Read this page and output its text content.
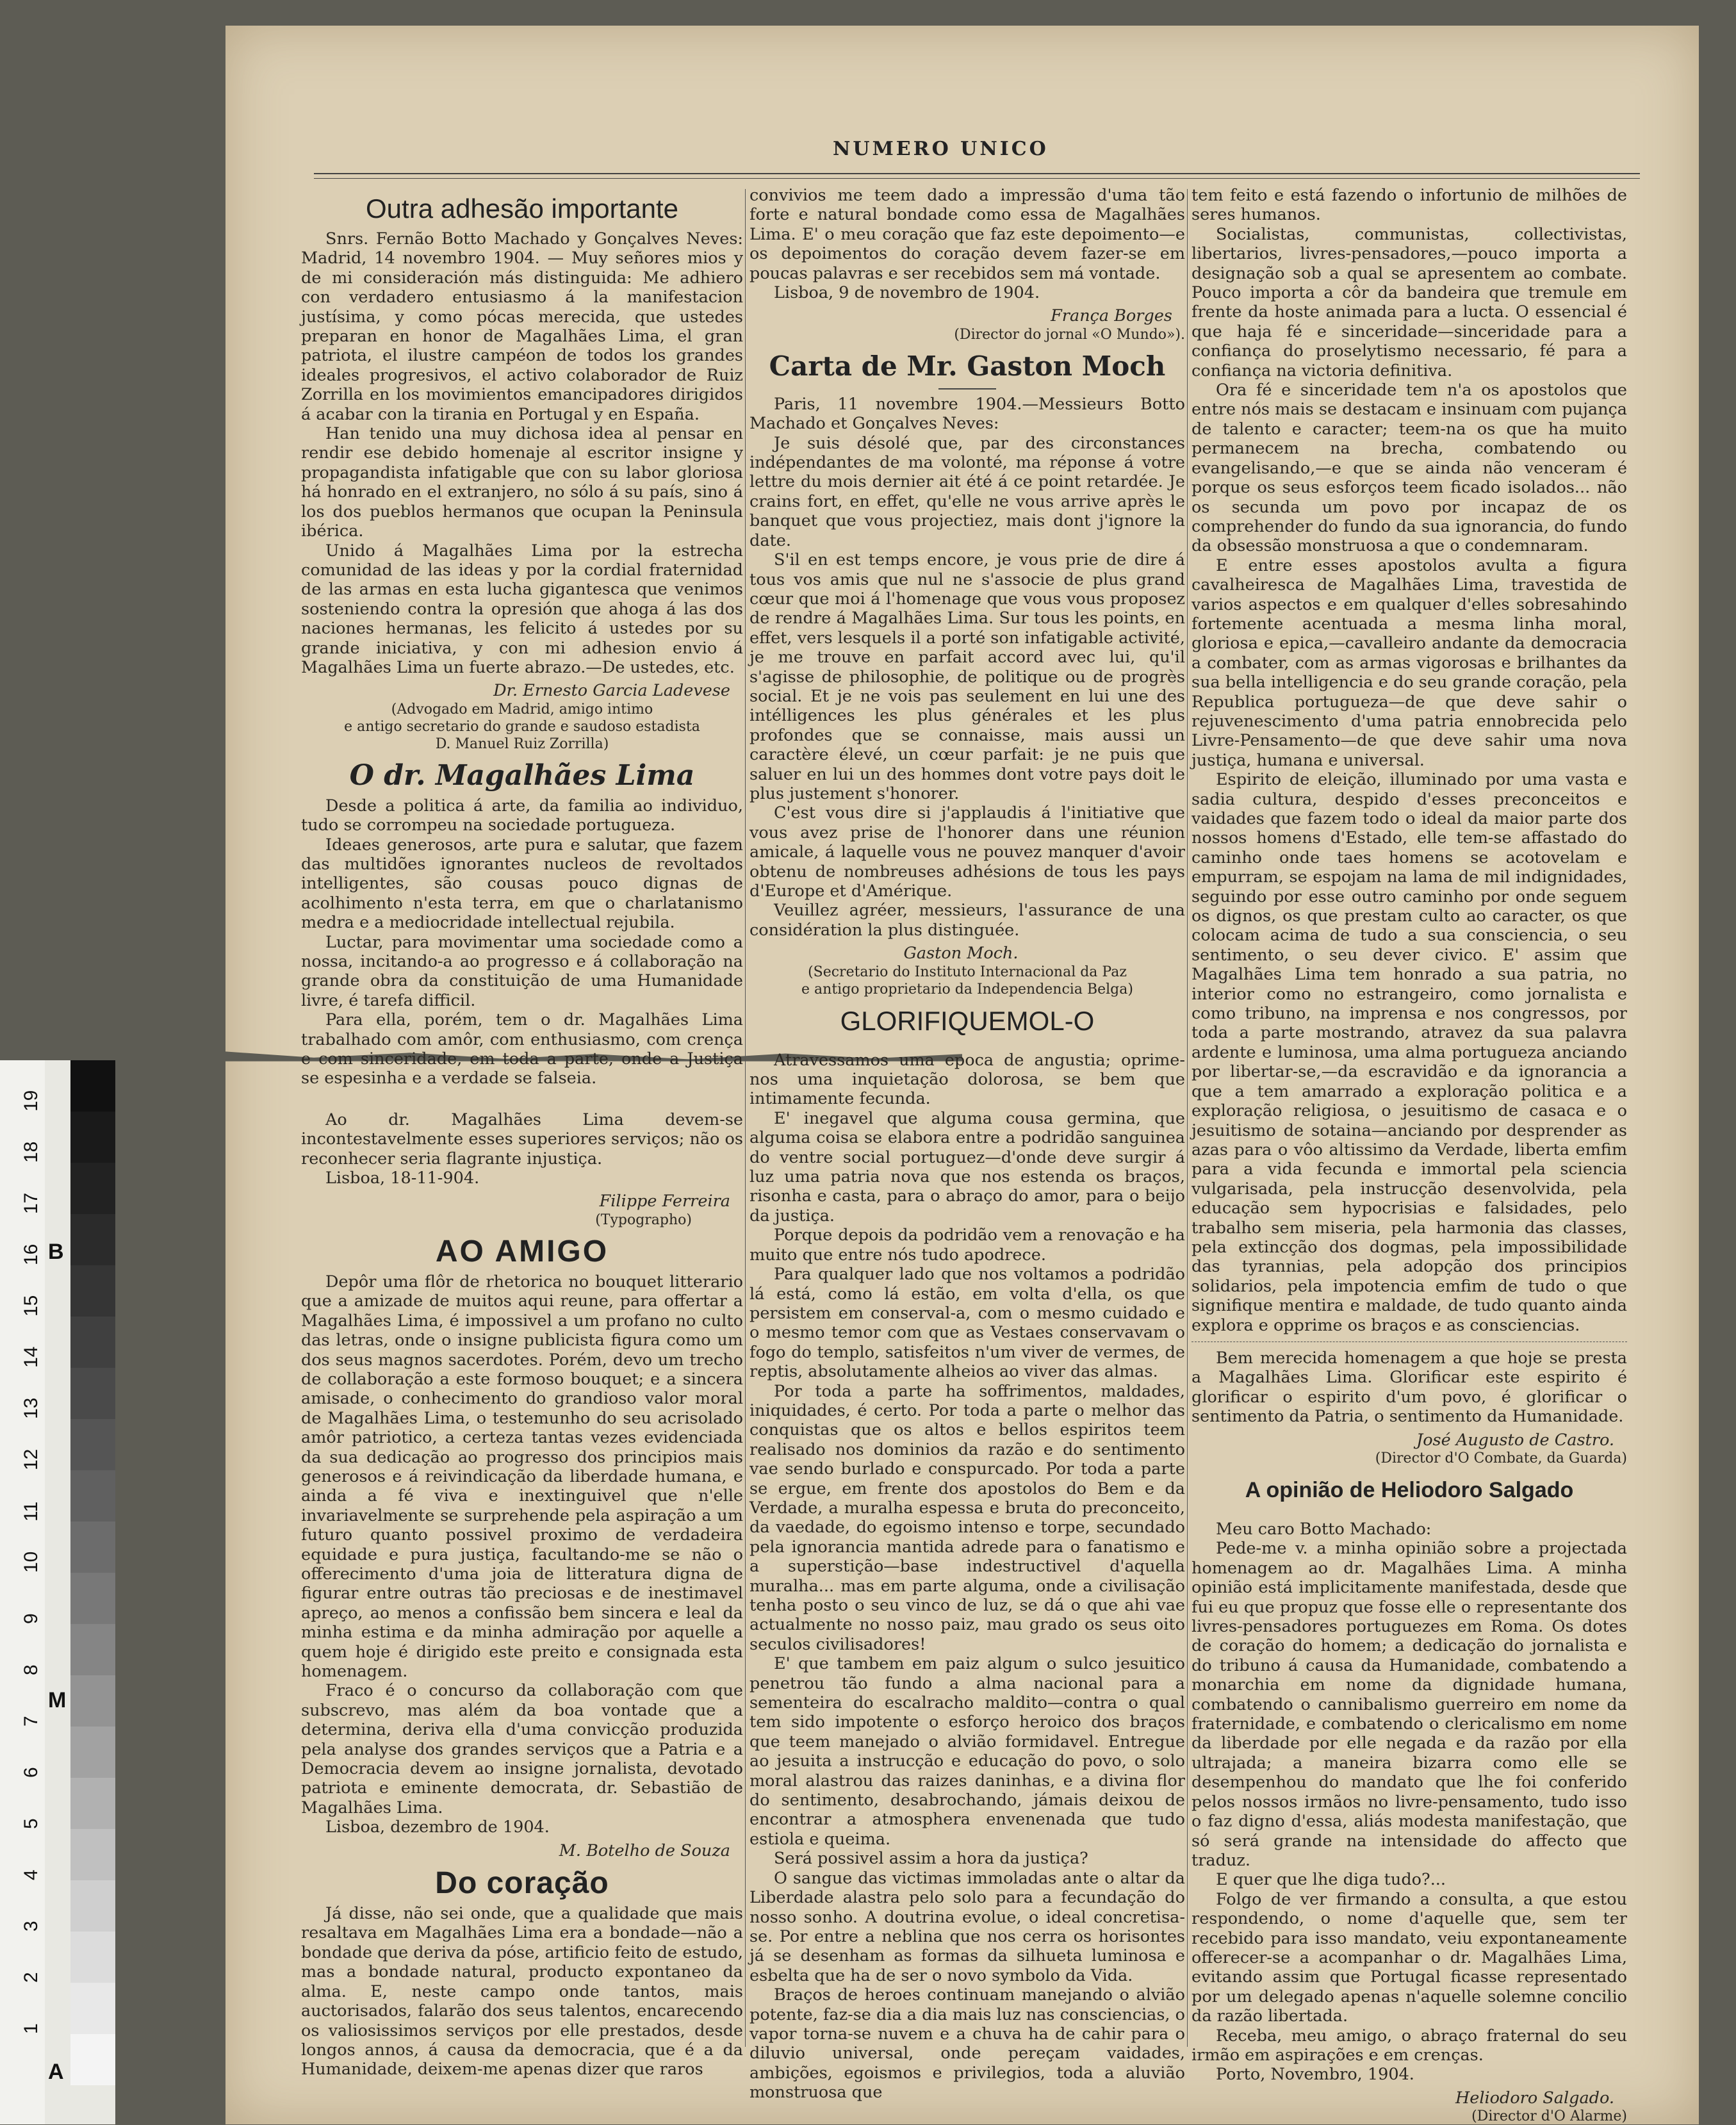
NUMERO UNICO
Outra adhesão importante

Snrs. Fernão Botto Machado y Gonçalves Neves: Madrid, 14 novembro 1904. — Muy señores mios y de mi consideración más distinguida: Me adhiero con verdadero entusiasmo á la manifestacion justísima, y como pócas merecida, que ustedes preparan en honor de Magalhães Lima, el gran patriota, el ilustre campéon de todos los grandes ideales progresivos, el activo colaborador de Ruiz Zorrilla en los movimientos emancipadores dirigidos á acabar con la tirania en Portugal y en España.

Han tenido una muy dichosa idea al pensar en rendir ese debido homenaje al escritor insigne y propagandista infatigable que con su labor gloriosa há honrado en el extranjero, no sólo á su país, sino á los dos pueblos hermanos que ocupan la Peninsula ibérica.

Unido á Magalhães Lima por la estrecha comunidad de las ideas y por la cordial fraternidad de las armas en esta lucha gigantesca que venimos sosteniendo contra la opresión que ahoga á las dos naciones hermanas, les felicito á ustedes por su grande iniciativa, y con mi adhesion envio á Magalhães Lima un fuerte abrazo.—De ustedes, etc.

Dr. Ernesto Garcia Ladevese
(Advogado em Madrid, amigo intimo
e antigo secretario do grande e saudoso estadista
D. Manuel Ruiz Zorrilla)
O dr. Magalhães Lima

Desde a politica á arte, da familia ao individuo, tudo se corrompeu na sociedade portugueza.

Ideaes generosos, arte pura e salutar, que fazem das multidões ignorantes nucleos de revoltados intelligentes, são cousas pouco dignas de acolhimento n'esta terra, em que o charlatanismo medra e a mediocridade intellectual rejubila.

Luctar, para movimentar uma sociedade como a nossa, incitando-a ao progresso e á collaboração na grande obra da constituição de uma Humanidade livre, é tarefa difficil.

Para ella, porém, tem o dr. Magalhães Lima trabalhado com amôr, com enthusiasmo, com crença e com sinceridade, em toda a parte, onde a Justiça se espesinha e a verdade se falseia.

Ao dr. Magalhães Lima devem-se incontestavelmente esses superiores serviços; não os reconhecer seria flagrante injustiça.

Lisboa, 18-11-904.

Filippe Ferreira
(Typographo)
AO AMIGO

Depôr uma flôr de rhetorica no bouquet litterario que a amizade de muitos aqui reune, para offertar a Magalhães Lima, é impossivel a um profano no culto das letras, onde o insigne publicista figura como um dos seus magnos sacerdotes. Porém, devo um trecho de collaboração a este formoso bouquet; e a sincera amisade, o conhecimento do grandioso valor moral de Magalhães Lima, o testemunho do seu acrisolado amôr patriotico, a certeza tantas vezes evidenciada da sua dedicação ao progresso dos principios mais generosos e á reivindicação da liberdade humana, e ainda a fé viva e inextinguivel que n'elle invariavelmente se surprehende pela aspiração a um futuro quanto possivel proximo de verdadeira equidade e pura justiça, facultando-me se não o offerecimento d'uma joia de litteratura digna de figurar entre outras tão preciosas e de inestimavel apreço, ao menos a confissão bem sincera e leal da minha estima e da minha admiração por aquelle a quem hoje é dirigido este preito e consignada esta homenagem.

Fraco é o concurso da collaboração com que subscrevo, mas além da boa vontade que a determina, deriva ella d'uma convicção produzida pela analyse dos grandes serviços que a Patria e a Democracia devem ao insigne jornalista, devotado patriota e eminente democrata, dr. Sebastião de Magalhães Lima.

Lisboa, dezembro de 1904.

M. Botelho de Souza
Do coração

Já disse, não sei onde, que a qualidade que mais resaltava em Magalhães Lima era a bondade—não a bondade que deriva da póse, artificio feito de estudo, mas a bondade natural, producto expontaneo da alma. E, neste campo onde tantos, mais auctorisados, falarão dos seus talentos, encarecendo os valiosissimos serviços por elle prestados, desde longos annos, á causa da democracia, que é a da Humanidade, deixem-me apenas dizer que raros

convivios me teem dado a impressão d'uma tão forte e natural bondade como essa de Magalhães Lima. E' o meu coração que faz este depoimento—e os depoimentos do coração devem fazer-se em poucas palavras e ser recebidos sem má vontade.

Lisboa, 9 de novembro de 1904.

França Borges
(Director do jornal «O Mundo»).
Carta de Mr. Gaston Moch

Paris, 11 novembre 1904.—Messieurs Botto Machado et Gonçalves Neves:

Je suis désolé que, par des circonstances indépendantes de ma volonté, ma réponse á votre lettre du mois dernier ait été á ce point retardée. Je crains fort, en effet, qu'elle ne vous arrive après le banquet que vous projectiez, mais dont j'ignore la date.

S'il en est temps encore, je vous prie de dire á tous vos amis que nul ne s'associe de plus grand cœur que moi á l'homenage que vous vous proposez de rendre á Magalhães Lima. Sur tous les points, en effet, vers lesquels il a porté son infatigable activité, je me trouve en parfait accord avec lui, qu'il s'agisse de philosophie, de politique ou de progrès social. Et je ne vois pas seulement en lui une des intélligences les plus générales et les plus profondes que se connaisse, mais aussi un caractère élevé, un cœur parfait: je ne puis que saluer en lui un des hommes dont votre pays doit le plus justement s'honorer.

C'est vous dire si j'applaudis á l'initiative que vous avez prise de l'honorer dans une réunion amicale, á laquelle vous ne pouvez manquer d'avoir obtenu de nombreuses adhésions de tous les pays d'Europe et d'Amérique.

Veuillez agréer, messieurs, l'assurance de una considération la plus distinguée.

Gaston Moch.
(Secretario do Instituto Internacional da Paz
e antigo proprietario da Independencia Belga)
GLORIFIQUEMOL-O

Atravessamos uma epoca de angustia; oprime-nos uma inquietação dolorosa, se bem que intimamente fecunda.

E' inegavel que alguma cousa germina, que alguma coisa se elabora entre a podridão sanguinea do ventre social portuguez—d'onde deve surgir á luz uma patria nova que nos estenda os braços, risonha e casta, para o abraço do amor, para o beijo da justiça.

Porque depois da podridão vem a renovação e ha muito que entre nós tudo apodrece.

Para qualquer lado que nos voltamos a podridão lá está, como lá estão, em volta d'ella, os que persistem em conserval-a, com o mesmo cuidado e o mesmo temor com que as Vestaes conservavam o fogo do templo, satisfeitos n'um viver de vermes, de reptis, absolutamente alheios ao viver das almas.

Por toda a parte ha soffrimentos, maldades, iniquidades, é certo. Por toda a parte o melhor das conquistas que os altos e bellos espiritos teem realisado nos dominios da razão e do sentimento vae sendo burlado e conspurcado. Por toda a parte se ergue, em frente dos apostolos do Bem e da Verdade, a muralha espessa e bruta do preconceito, da vaedade, do egoismo intenso e torpe, secundado pela ignorancia mantida adrede para o fanatismo e a superstição—base indestructivel d'aquella muralha... mas em parte alguma, onde a civilisação tenha posto o seu vinco de luz, se dá o que ahi vae actualmente no nosso paiz, mau grado os seus oito seculos civilisadores!

E' que tambem em paiz algum o sulco jesuitico penetrou tão fundo a alma nacional para a sementeira do escalracho maldito—contra o qual tem sido impotente o esforço heroico dos braços que teem manejado o alvião formidavel. Entregue ao jesuita a instrucção e educação do povo, o solo moral alastrou das raizes daninhas, e a divina flor do sentimento, desabrochando, jámais deixou de encontrar a atmosphera envenenada que tudo estiola e queima.

Será possivel assim a hora da justiça?

O sangue das victimas immoladas ante o altar da Liberdade alastra pelo solo para a fecundação do nosso sonho. A doutrina evolue, o ideal concretisa-se. Por entre a neblina que nos cerra os horisontes já se desenham as formas da silhueta luminosa e esbelta que ha de ser o novo symbolo da Vida.

Braços de heroes continuam manejando o alvião potente, faz-se dia a dia mais luz nas consciencias, o vapor torna-se nuvem e a chuva ha de cahir para o diluvio universal, onde pereçam vaidades, ambições, egoismos e privilegios, toda a aluvião monstruosa que

tem feito e está fazendo o infortunio de milhões de seres humanos.

Socialistas, communistas, collectivistas, libertarios, livres-pensadores,—pouco importa a designação sob a qual se apresentem ao combate. Pouco importa a côr da bandeira que tremule em frente da hoste animada para a lucta. O essencial é que haja fé e sinceridade—sinceridade para a confiança do proselytismo necessario, fé para a confiança na victoria definitiva.

Ora fé e sinceridade tem n'a os apostolos que entre nós mais se destacam e insinuam com pujança de talento e caracter; teem-na os que ha muito permanecem na brecha, combatendo ou evangelisando,—e que se ainda não venceram é porque os seus esforços teem ficado isolados... não os secunda um povo por incapaz de os comprehender do fundo da sua ignorancia, do fundo da obsessão monstruosa a que o condemnaram.

E entre esses apostolos avulta a figura cavalheiresca de Magalhães Lima, travestida de varios aspectos e em qualquer d'elles sobresahindo fortemente acentuada a mesma linha moral, gloriosa e epica,—cavalleiro andante da democracia a combater, com as armas vigorosas e brilhantes da sua bella intelligencia e do seu grande coração, pela Republica portugueza—de que deve sahir o rejuvenescimento d'uma patria ennobrecida pelo Livre-Pensamento—de que deve sahir uma nova justiça, humana e universal.

Espirito de eleição, illuminado por uma vasta e sadia cultura, despido d'esses preconceitos e vaidades que fazem todo o ideal da maior parte dos nossos homens d'Estado, elle tem-se affastado do caminho onde taes homens se acotovelam e empurram, se espojam na lama de mil indignidades, seguindo por esse outro caminho por onde seguem os dignos, os que prestam culto ao caracter, os que colocam acima de tudo a sua consciencia, o seu sentimento, o seu dever civico. E' assim que Magalhães Lima tem honrado a sua patria, no interior como no estrangeiro, como jornalista e como tribuno, na imprensa e nos congressos, por toda a parte mostrando, atravez da sua palavra ardente e luminosa, uma alma portugueza anciando por libertar-se,—da escravidão e da ignorancia a que a tem amarrado a exploração politica e a exploração religiosa, o jesuitismo de casaca e o jesuitismo de sotaina—anciando por desprender as azas para o vôo altissimo da Verdade, liberta emfim para a vida fecunda e immortal pela sciencia vulgarisada, pela instrucção desenvolvida, pela educação sem hypocrisias e falsidades, pelo trabalho sem miseria, pela harmonia das classes, pela extincção dos dogmas, pela impossibilidade das tyrannias, pela adopção dos principios solidarios, pela impotencia emfim de tudo o que signifique mentira e maldade, de tudo quanto ainda explora e opprime os braços e as consciencias.

Bem merecida homenagem a que hoje se presta a Magalhães Lima. Glorificar este espirito é glorificar o espirito d'um povo, é glorificar o sentimento da Patria, o sentimento da Humanidade.

José Augusto de Castro.
(Director d'O Combate, da Guarda)
A opinião de Heliodoro Salgado

Meu caro Botto Machado:

Pede-me v. a minha opinião sobre a projectada homenagem ao dr. Magalhães Lima. A minha opinião está implicitamente manifestada, desde que fui eu que propuz que fosse elle o representante dos livres-pensadores portuguezes em Roma. Os dotes de coração do homem; a dedicação do jornalista e do tribuno á causa da Humanidade, combatendo a monarchia em nome da dignidade humana, combatendo o cannibalismo guerreiro em nome da fraternidade, e combatendo o clericalismo em nome da liberdade por elle negada e da razão por ella ultrajada; a maneira bizarra como elle se desempenhou do mandato que lhe foi conferido pelos nossos irmãos no livre-pensamento, tudo isso o faz digno d'essa, aliás modesta manifestação, que só será grande na intensidade do affecto que traduz.

E quer que lhe diga tudo?...

Folgo de ver firmando a consulta, a que estou respondendo, o nome d'aquelle que, sem ter recebido para isso mandato, veiu expontaneamente offerecer-se a acompanhar o dr. Magalhães Lima, evitando assim que Portugal ficasse representado por um delegado apenas n'aquelle solemne concilio da razão libertada.

Receba, meu amigo, o abraço fraternal do seu irmão em aspirações e em crenças.

Porto, Novembro, 1904.

Heliodoro Salgado.
(Director d'O Alarme)
19
18
17
16
15
14
13
12
11
10
9
8
7
6
5
4
3
2
1
B
M
A
